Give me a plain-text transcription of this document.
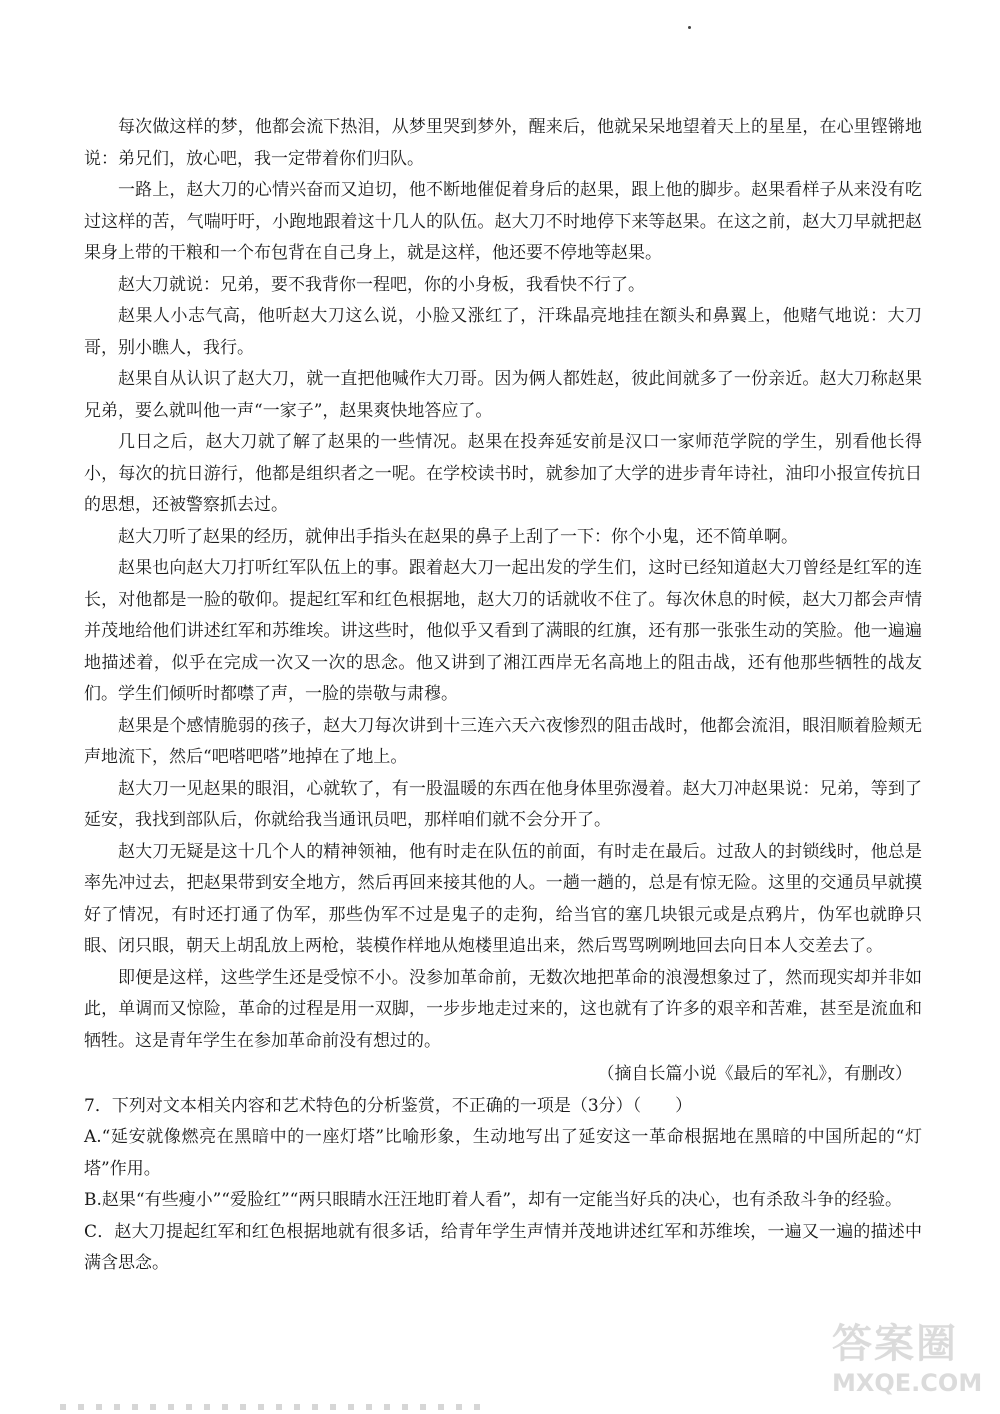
每次做这样的梦，他都会流下热泪，从梦里哭到梦外，醒来后，他就呆呆地望着天上的星星，在心里铿锵地说：弟兄们，放心吧，我一定带着你们归队。

一路上，赵大刀的心情兴奋而又迫切，他不断地催促着身后的赵果，跟上他的脚步。赵果看样子从来没有吃过这样的苦，气喘吁吁，小跑地跟着这十几人的队伍。赵大刀不时地停下来等赵果。在这之前，赵大刀早就把赵果身上带的干粮和一个布包背在自己身上，就是这样，他还要不停地等赵果。

赵大刀就说：兄弟，要不我背你一程吧，你的小身板，我看快不行了。

赵果人小志气高，他听赵大刀这么说，小脸又涨红了，汗珠晶亮地挂在额头和鼻翼上，他赌气地说：大刀哥，别小瞧人，我行。

赵果自从认识了赵大刀，就一直把他喊作大刀哥。因为俩人都姓赵，彼此间就多了一份亲近。赵大刀称赵果兄弟，要么就叫他一声“一家子”，赵果爽快地答应了。

几日之后，赵大刀就了解了赵果的一些情况。赵果在投奔延安前是汉口一家师范学院的学生，别看他长得小，每次的抗日游行，他都是组织者之一呢。在学校读书时，就参加了大学的进步青年诗社，油印小报宣传抗日的思想，还被警察抓去过。

赵大刀听了赵果的经历，就伸出手指头在赵果的鼻子上刮了一下：你个小鬼，还不简单啊。

赵果也向赵大刀打听红军队伍上的事。跟着赵大刀一起出发的学生们，这时已经知道赵大刀曾经是红军的连长，对他都是一脸的敬仰。提起红军和红色根据地，赵大刀的话就收不住了。每次休息的时候，赵大刀都会声情并茂地给他们讲述红军和苏维埃。讲这些时，他似乎又看到了满眼的红旗，还有那一张张生动的笑脸。他一遍遍地描述着，似乎在完成一次又一次的思念。他又讲到了湘江西岸无名高地上的阻击战，还有他那些牺牲的战友们。学生们倾听时都噤了声，一脸的崇敬与肃穆。

赵果是个感情脆弱的孩子，赵大刀每次讲到十三连六天六夜惨烈的阻击战时，他都会流泪，眼泪顺着脸颊无声地流下，然后“吧嗒吧嗒”地掉在了地上。

赵大刀一见赵果的眼泪，心就软了，有一股温暖的东西在他身体里弥漫着。赵大刀冲赵果说：兄弟，等到了延安，我找到部队后，你就给我当通讯员吧，那样咱们就不会分开了。

赵大刀无疑是这十几个人的精神领袖，他有时走在队伍的前面，有时走在最后。过敌人的封锁线时，他总是率先冲过去，把赵果带到安全地方，然后再回来接其他的人。一趟一趟的，总是有惊无险。这里的交通员早就摸好了情况，有时还打通了伪军，那些伪军不过是鬼子的走狗，给当官的塞几块银元或是点鸦片，伪军也就睁只眼、闭只眼，朝天上胡乱放上两枪，装模作样地从炮楼里追出来，然后骂骂咧咧地回去向日本人交差去了。

即便是这样，这些学生还是受惊不小。没参加革命前，无数次地把革命的浪漫想象过了，然而现实却并非如此，单调而又惊险，革命的过程是用一双脚，一步步地走过来的，这也就有了许多的艰辛和苦难，甚至是流血和牺牲。这是青年学生在参加革命前没有想过的。

（摘自长篇小说《最后的军礼》，有删改）

7．下列对文本相关内容和艺术特色的分析鉴赏，不正确的一项是（3分）（　　）

A.“延安就像燃亮在黑暗中的一座灯塔”比喻形象，生动地写出了延安这一革命根据地在黑暗的中国所起的“灯塔”作用。

B.赵果“有些瘦小”“爱脸红”“两只眼睛水汪汪地盯着人看”，却有一定能当好兵的决心，也有杀敌斗争的经验。

C．赵大刀提起红军和红色根据地就有很多话，给青年学生声情并茂地讲述红军和苏维埃，一遍又一遍的描述中满含思念。

答案圈
MXQE.COM
